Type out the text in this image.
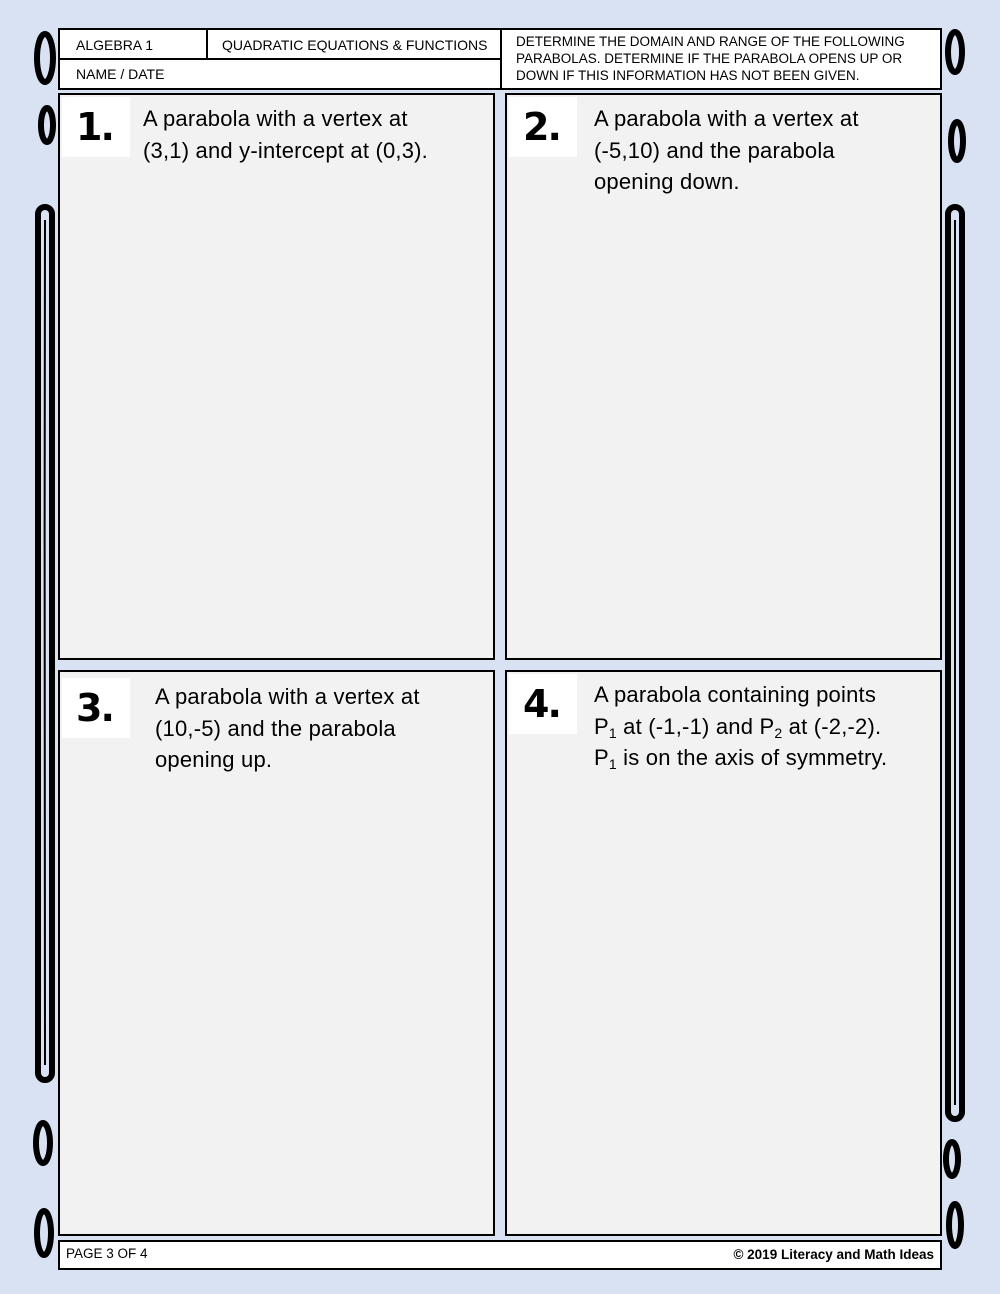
ALGEBRA 1	QUADRATIC EQUATIONS & FUNCTIONS
NAME / DATE
DETERMINE THE DOMAIN AND RANGE OF THE FOLLOWING PARABOLAS. DETERMINE IF THE PARABOLA OPENS UP OR DOWN IF THIS INFORMATION HAS NOT BEEN GIVEN.
1.	A parabola with a vertex at
(3,1) and y-intercept at (0,3).
2.	A parabola with a vertex at
(-5,10) and the parabola
opening down.
3.	A parabola with a vertex at
(10,-5) and the parabola
opening up.
4.	A parabola containing points
$P_1$ at (-1,-1) and $P_2$ at (-2,-2).
$P_1$ is on the axis of symmetry.
PAGE 3 OF 4	© 2019 Literacy and Math Ideas
